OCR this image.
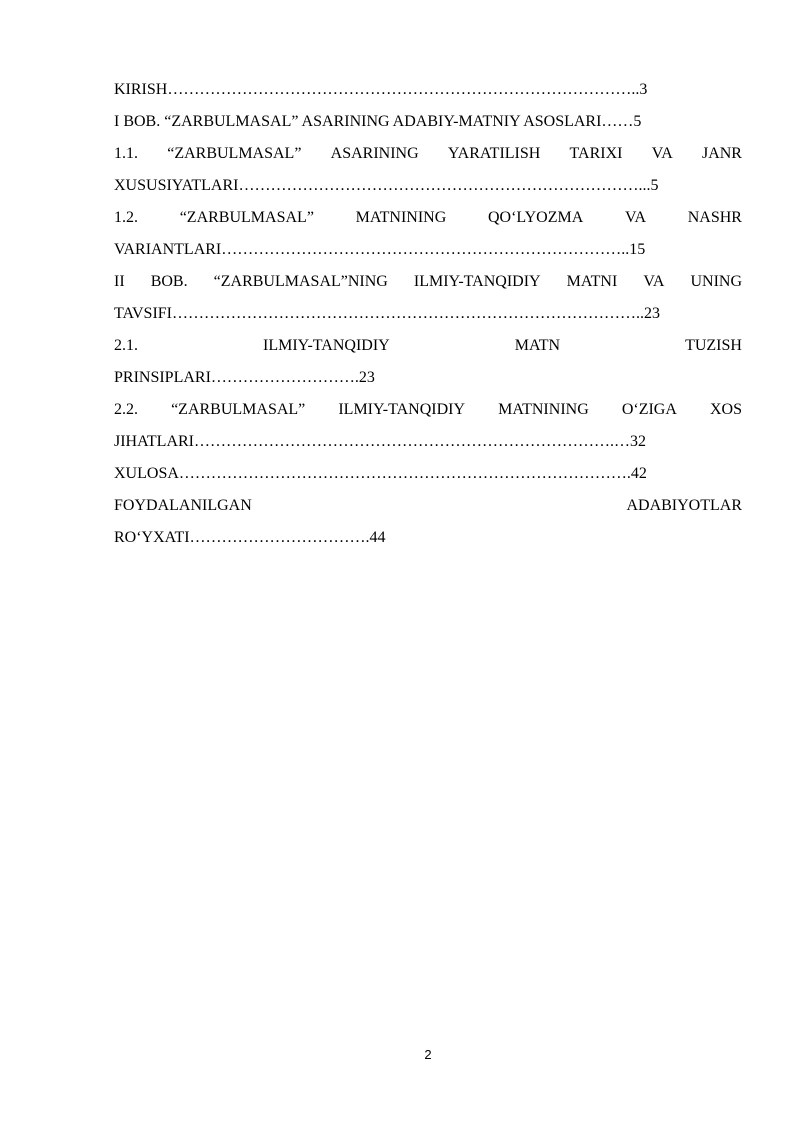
KIRISH……………………………………………………………………………..3
I BOB. “ZARBULMASAL” ASARINING ADABIY-MATNIY ASOSLARI……5
1.1. “ZARBULMASAL” ASARINING YARATILISH TARIXI VA JANR
XUSUSIYATLARI…………………………………………………………………...5
1.2.	“ZARBULMASAL”	MATNINING	QO‘LYOZMA	VA	NASHR
VARIANTLARI…………………………………………………………………..15
II BOB. “ZARBULMASAL”NING ILMIY-TANQIDIY MATNI VA UNING
TAVSIFI……………………………………………………………………………..23
2.1.	ILMIY-TANQIDIY	MATN	TUZISH
PRINSIPLARI……………………….23
2.2. “ZARBULMASAL” ILMIY-TANQIDIY MATNINING O‘ZIGA XOS
JIHATLARI…………………………………………………………………….…32
XULOSA………………………………………………………………………….42
FOYDALANILGAN	ADABIYOTLAR
RO‘YXATI…………………………….44
2
